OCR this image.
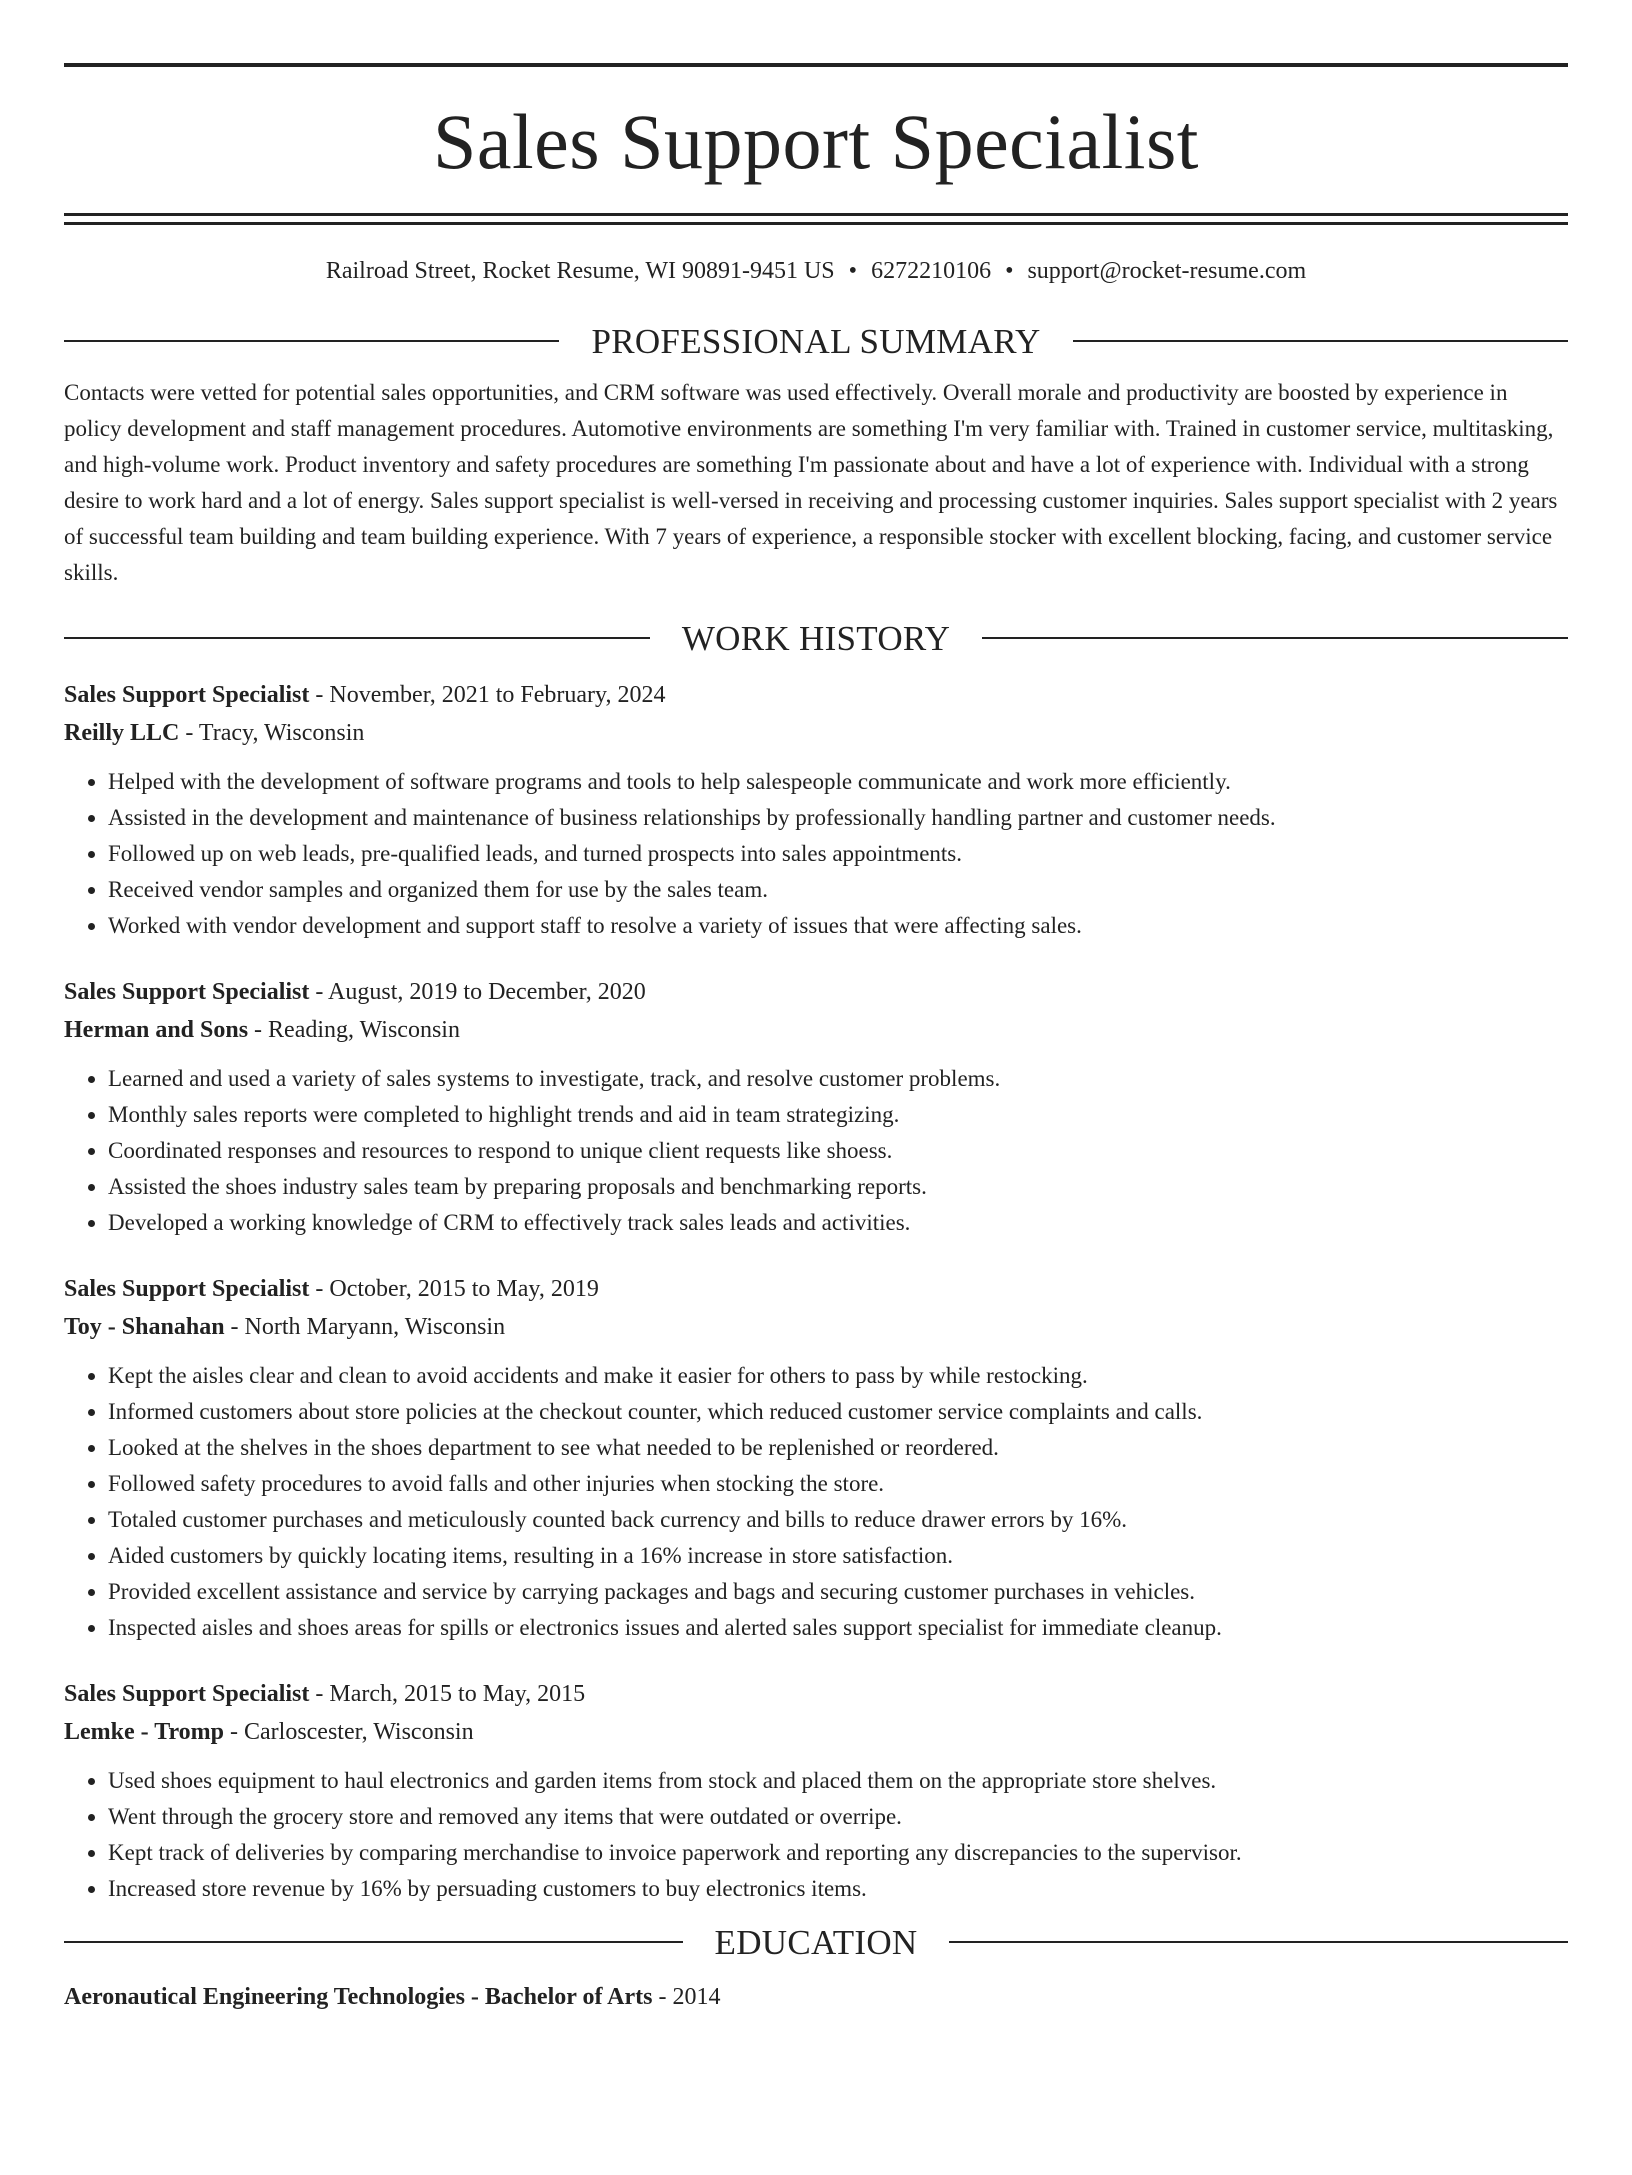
Sales Support Specialist
Railroad Street, Rocket Resume, WI 90891-9451 US • 6272210106 • support@rocket-resume.com
PROFESSIONAL SUMMARY
Contacts were vetted for potential sales opportunities, and CRM software was used effectively. Overall morale and productivity are boosted by experience in policy development and staff management procedures. Automotive environments are something I'm very familiar with. Trained in customer service, multitasking, and high-volume work. Product inventory and safety procedures are something I'm passionate about and have a lot of experience with. Individual with a strong desire to work hard and a lot of energy. Sales support specialist is well-versed in receiving and processing customer inquiries. Sales support specialist with 2 years of successful team building and team building experience. With 7 years of experience, a responsible stocker with excellent blocking, facing, and customer service skills.
WORK HISTORY
Sales Support Specialist - November, 2021 to February, 2024
Reilly LLC - Tracy, Wisconsin
• Helped with the development of software programs and tools to help salespeople communicate and work more efficiently.
• Assisted in the development and maintenance of business relationships by professionally handling partner and customer needs.
• Followed up on web leads, pre-qualified leads, and turned prospects into sales appointments.
• Received vendor samples and organized them for use by the sales team.
• Worked with vendor development and support staff to resolve a variety of issues that were affecting sales.
Sales Support Specialist - August, 2019 to December, 2020
Herman and Sons - Reading, Wisconsin
• Learned and used a variety of sales systems to investigate, track, and resolve customer problems.
• Monthly sales reports were completed to highlight trends and aid in team strategizing.
• Coordinated responses and resources to respond to unique client requests like shoess.
• Assisted the shoes industry sales team by preparing proposals and benchmarking reports.
• Developed a working knowledge of CRM to effectively track sales leads and activities.
Sales Support Specialist - October, 2015 to May, 2019
Toy - Shanahan - North Maryann, Wisconsin
• Kept the aisles clear and clean to avoid accidents and make it easier for others to pass by while restocking.
• Informed customers about store policies at the checkout counter, which reduced customer service complaints and calls.
• Looked at the shelves in the shoes department to see what needed to be replenished or reordered.
• Followed safety procedures to avoid falls and other injuries when stocking the store.
• Totaled customer purchases and meticulously counted back currency and bills to reduce drawer errors by 16%.
• Aided customers by quickly locating items, resulting in a 16% increase in store satisfaction.
• Provided excellent assistance and service by carrying packages and bags and securing customer purchases in vehicles.
• Inspected aisles and shoes areas for spills or electronics issues and alerted sales support specialist for immediate cleanup.
Sales Support Specialist - March, 2015 to May, 2015
Lemke - Tromp - Carloscester, Wisconsin
• Used shoes equipment to haul electronics and garden items from stock and placed them on the appropriate store shelves.
• Went through the grocery store and removed any items that were outdated or overripe.
• Kept track of deliveries by comparing merchandise to invoice paperwork and reporting any discrepancies to the supervisor.
• Increased store revenue by 16% by persuading customers to buy electronics items.
EDUCATION
Aeronautical Engineering Technologies - Bachelor of Arts - 2014
